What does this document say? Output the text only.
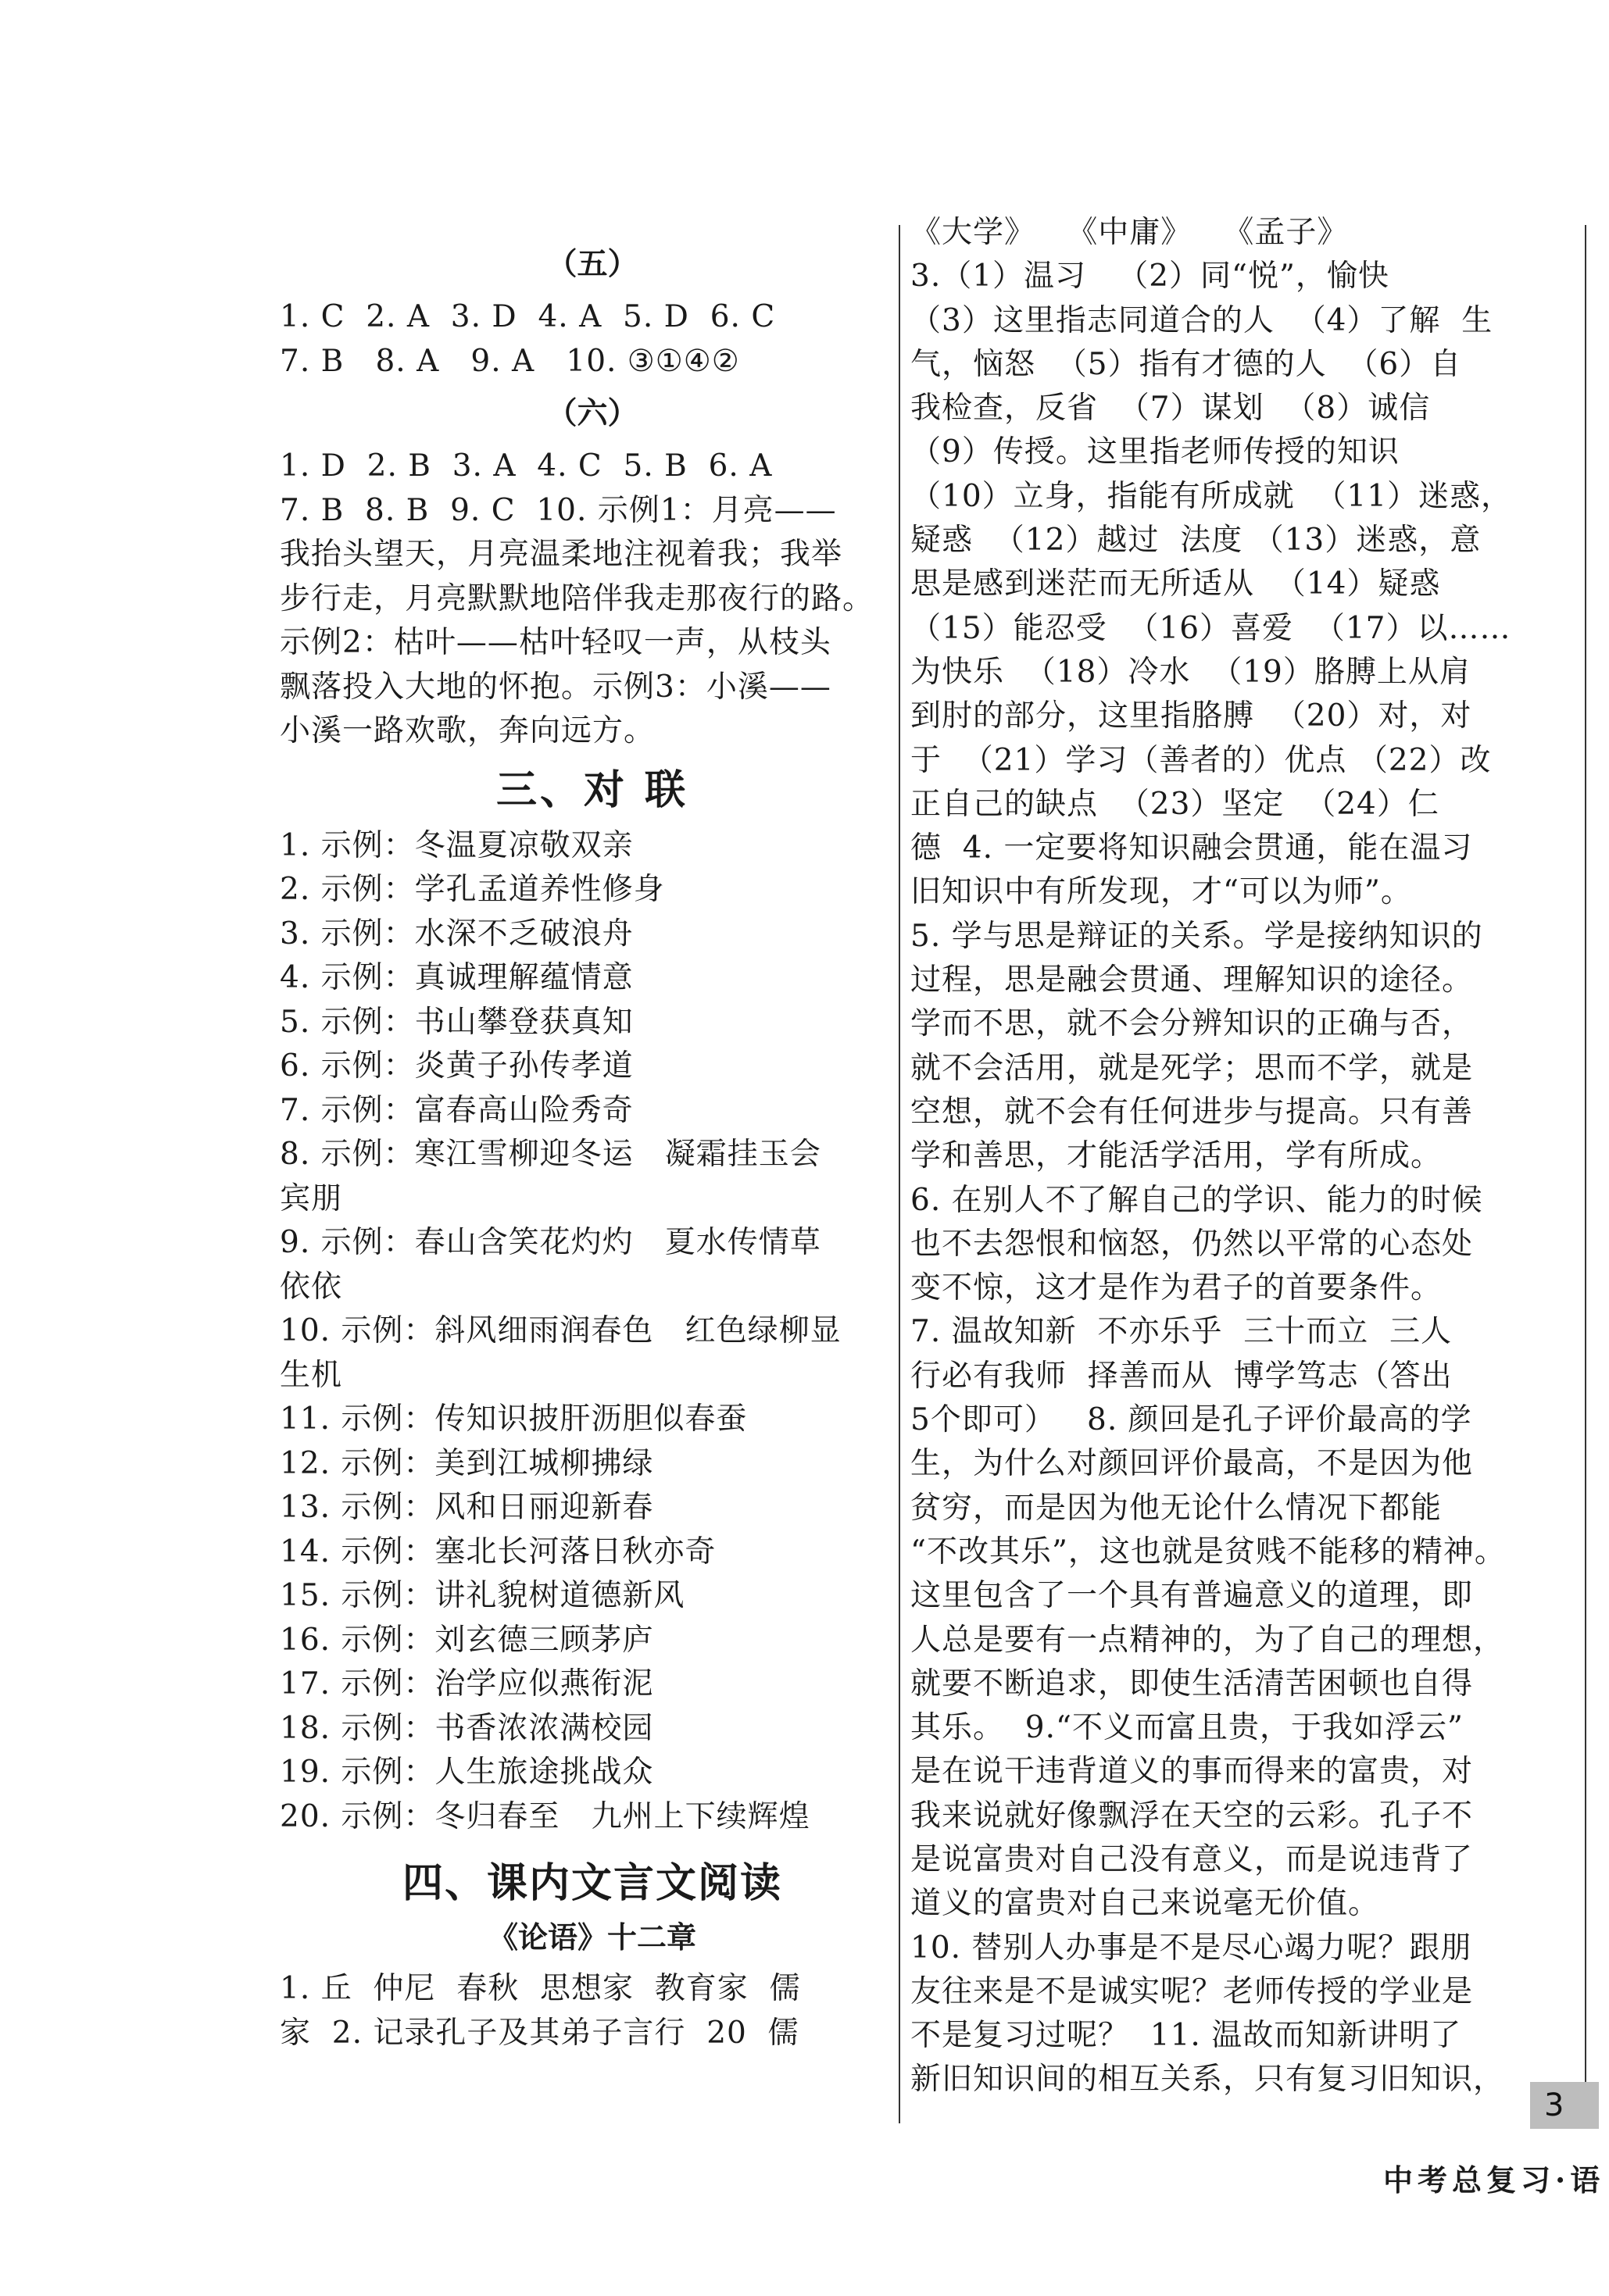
（五）
1. C  2. A  3. D  4. A  5. D  6. C
7. B   8. A   9. A   10. ③①④②
（六）
1. D  2. B  3. A  4. C  5. B  6. A
7. B  8. B  9. C  10. 示例1：月亮——
我抬头望天，月亮温柔地注视着我；我举
步行走，月亮默默地陪伴我走那夜行的路。
示例2：枯叶——枯叶轻叹一声，从枝头
飘落投入大地的怀抱。示例3：小溪——
小溪一路欢歌，奔向远方。
三、对 联
1. 示例：冬温夏凉敬双亲
2. 示例：学孔孟道养性修身
3. 示例：水深不乏破浪舟
4. 示例：真诚理解蕴情意
5. 示例：书山攀登获真知
6. 示例：炎黄子孙传孝道
7. 示例：富春高山险秀奇
8. 示例：寒江雪柳迎冬运   凝霜挂玉会
宾朋
9. 示例：春山含笑花灼灼   夏水传情草
依依
10. 示例：斜风细雨润春色   红色绿柳显
生机
11. 示例：传知识披肝沥胆似春蚕
12. 示例：美到江城柳拂绿
13. 示例：风和日丽迎新春
14. 示例：塞北长河落日秋亦奇
15. 示例：讲礼貌树道德新风
16. 示例：刘玄德三顾茅庐
17. 示例：治学应似燕衔泥
18. 示例：书香浓浓满校园
19. 示例：人生旅途挑战众
20. 示例：冬归春至   九州上下续辉煌
四、课内文言文阅读
《论语》十二章
1. 丘  仲尼  春秋  思想家  教育家  儒
家  2. 记录孔子及其弟子言行  20  儒
《大学》   《中庸》   《孟子》
3.（1）温习   （2）同“悦”，愉快
（3）这里指志同道合的人  （4）了解  生
气，恼怒  （5）指有才德的人  （6）自
我检查，反省  （7）谋划  （8）诚信
（9）传授。这里指老师传授的知识
（10）立身，指能有所成就  （11）迷惑，
疑惑  （12）越过  法度 （13）迷惑，意
思是感到迷茫而无所适从  （14）疑惑
（15）能忍受  （16）喜爱  （17）以……
为快乐  （18）冷水  （19）胳膊上从肩
到肘的部分，这里指胳膊  （20）对，对
于  （21）学习（善者的）优点 （22）改
正自己的缺点  （23）坚定  （24）仁
德  4. 一定要将知识融会贯通，能在温习
旧知识中有所发现，才“可以为师”。
5. 学与思是辩证的关系。学是接纳知识的
过程，思是融会贯通、理解知识的途径。
学而不思，就不会分辨知识的正确与否，
就不会活用，就是死学；思而不学，就是
空想，就不会有任何进步与提高。只有善
学和善思，才能活学活用，学有所成。
6. 在别人不了解自己的学识、能力的时候
也不去怨恨和恼怒，仍然以平常的心态处
变不惊，这才是作为君子的首要条件。
7. 温故知新  不亦乐乎  三十而立  三人
行必有我师  择善而从  博学笃志（答出
5个即可）   8. 颜回是孔子评价最高的学
生，为什么对颜回评价最高，不是因为他
贫穷，而是因为他无论什么情况下都能
“不改其乐”，这也就是贫贱不能移的精神。
这里包含了一个具有普遍意义的道理，即
人总是要有一点精神的，为了自己的理想，
就要不断追求，即使生活清苦困顿也自得
其乐。  9.“不义而富且贵，于我如浮云”
是在说干违背道义的事而得来的富贵，对
我来说就好像飘浮在天空的云彩。孔子不
是说富贵对自己没有意义，而是说违背了
道义的富贵对自己来说毫无价值。
10. 替别人办事是不是尽心竭力呢？跟朋
友往来是不是诚实呢？老师传授的学业是
不是复习过呢？  11. 温故而知新讲明了
新旧知识间的相互关系，只有复习旧知识，
3
中考总复习·语
